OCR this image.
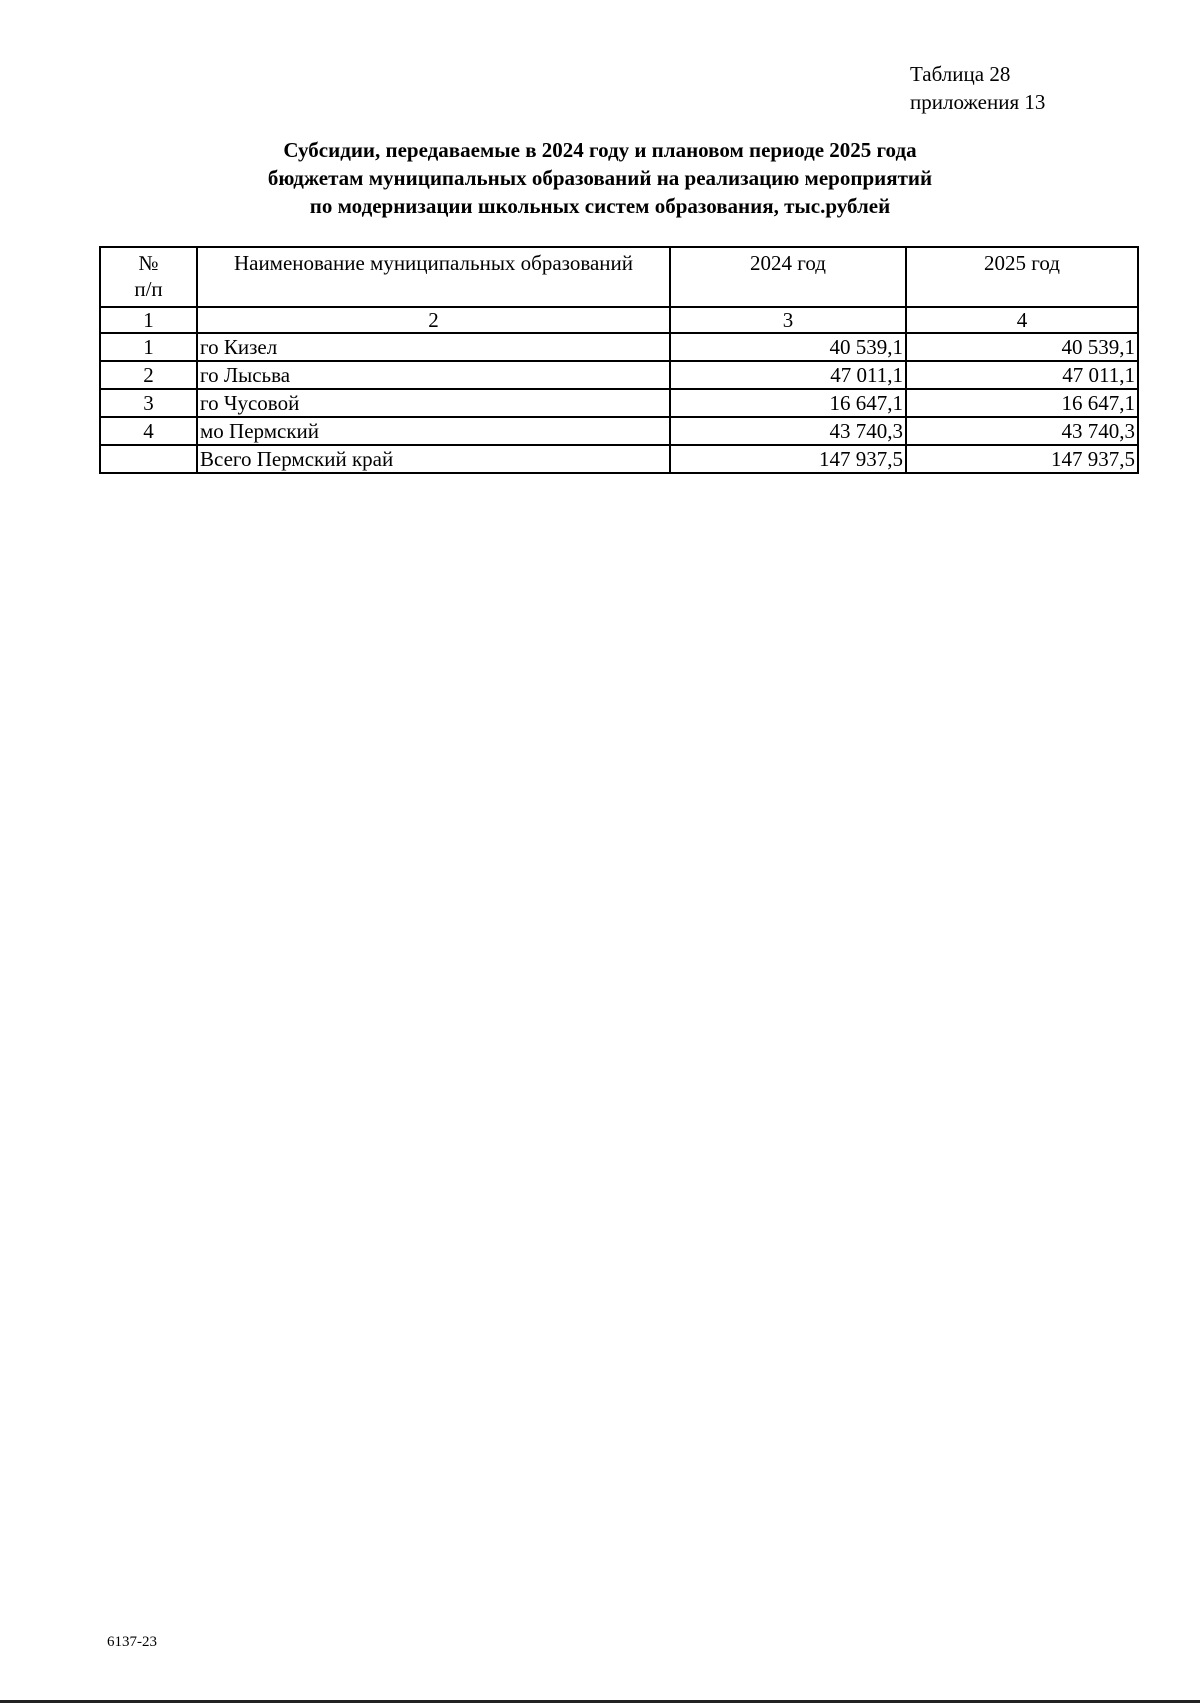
Таблица 28
приложения 13
Субсидии, передаваемые в 2024 году и плановом периоде 2025 года
бюджетам муниципальных образований на реализацию мероприятий
по модернизации школьных систем образования, тыс.рублей
№
п/п	Наименование муниципальных образований	2024 год	2025 год
1	2	3	4
1	го Кизел	40 539,1	40 539,1
2	го Лысьва	47 011,1	47 011,1
3	го Чусовой	16 647,1	16 647,1
4	мо Пермский	43 740,3	43 740,3
	Всего Пермский край	147 937,5	147 937,5
6137-23
